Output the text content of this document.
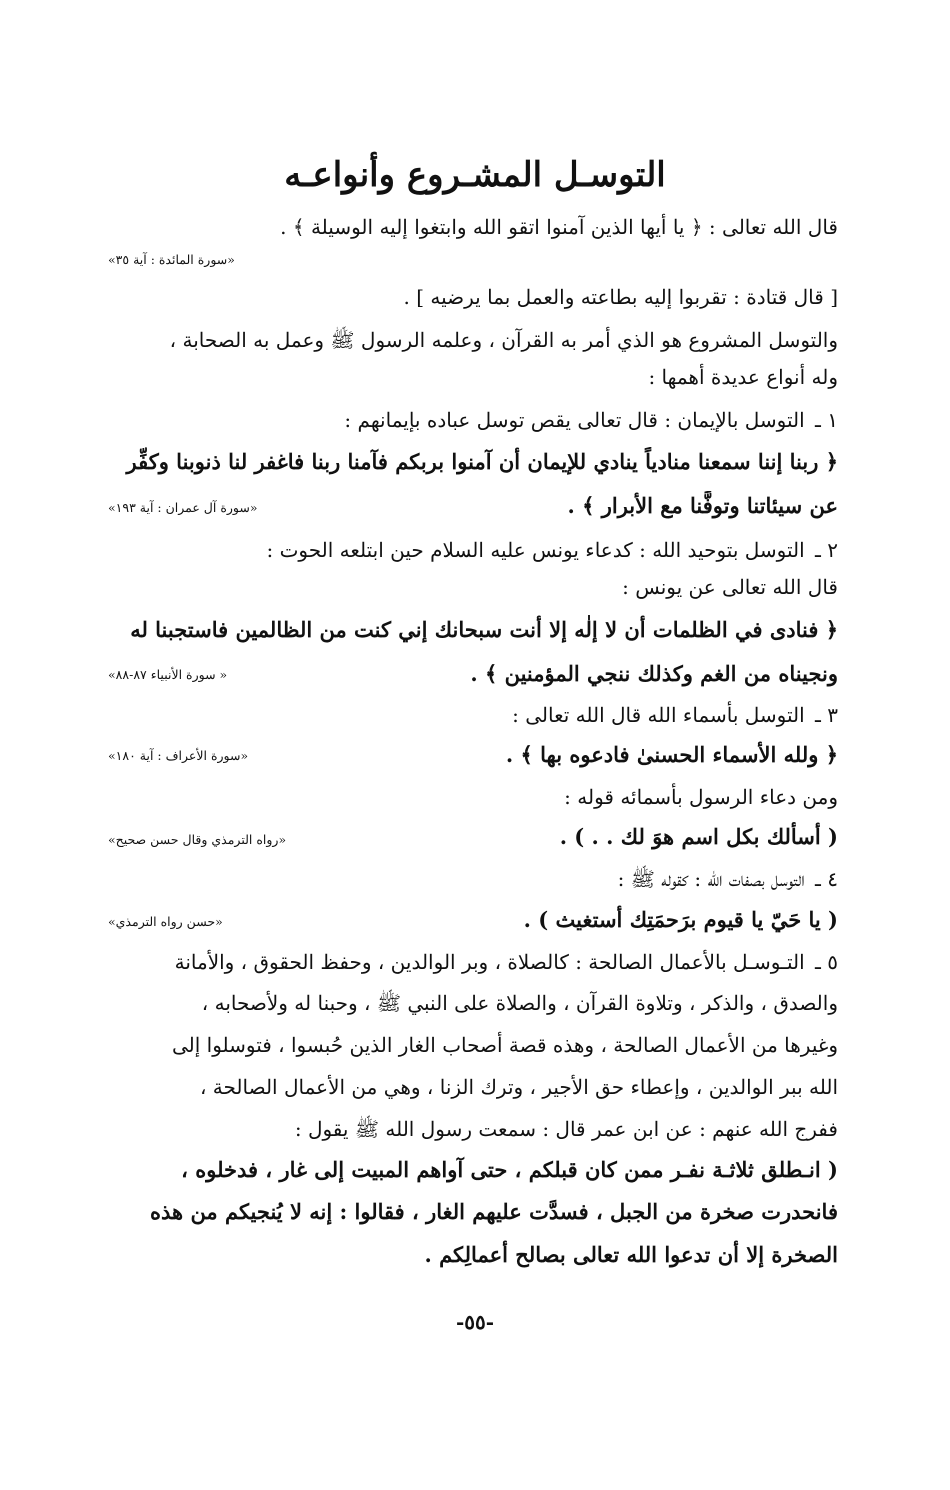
التوسـل المشـروع وأنواعـه
قال الله تعالى : ﴿ يا أيها الذين آمنوا اتقو الله وابتغوا إليه الوسيلة ﴾ .
«سورة المائدة : آية ٣٥»
[ قال قتادة : تقربوا إليه بطاعته والعمل بما يرضيه ] .
والتوسل المشروع هو الذي أمر به القرآن ، وعلمه الرسول ﷺ وعمل به الصحابة ،
وله أنواع عديدة أهمها :
١ ـ التوسل بالإيمان : قال تعالى يقص توسل عباده بإيمانهم :
﴿ ربنا إننا سمعنا منادياً ينادي للإيمان أن آمنوا بربكم فآمنا ربنا فاغفر لنا ذنوبنا وكفِّر
عن سيئاتنا وتوفَّنا مع الأبرار ﴾ .
«سورة آل عمران : آية ١٩٣»
٢ ـ التوسل بتوحيد الله : كدعاء يونس عليه السلام حين ابتلعه الحوت :
قال الله تعالى عن يونس :
﴿ فنادى في الظلمات أن لا إلٰه إلا أنت سبحانك إني كنت من الظالمين فاستجبنا له
ونجيناه من الغم وكذلك ننجي المؤمنين ﴾ .
« سورة الأنبياء ٨٧-٨٨»
٣ ـ التوسل بأسماء الله قال الله تعالى :
﴿ ولله الأسماء الحسنىٰ فادعوه بها ﴾ .
«سورة الأعراف : آية ١٨٠»
ومن دعاء الرسول بأسمائه قوله :
( أسألك بكل اسم هوَ لك . . ) .
«رواه الترمذي وقال حسن صحيح»
٤ ـ التوسل بصفات الله : كقوله ﷺ :
( يا حَيّ يا قيوم برَحمَتِك أستغيث ) .
«حسن رواه الترمذي»
٥ ـ التـوسـل بالأعمال الصالحة : كالصلاة ، وبر الوالدين ، وحفظ الحقوق ، والأمانة
والصدق ، والذكر ، وتلاوة القرآن ، والصلاة على النبي ﷺ ، وحبنا له ولأصحابه ،
وغيرها من الأعمال الصالحة ، وهذه قصة أصحاب الغار الذين حُبسوا ، فتوسلوا إلى
الله ببر الوالدين ، وإعطاء حق الأجير ، وترك الزنا ، وهي من الأعمال الصالحة ،
ففرج الله عنهم : عن ابن عمر قال : سمعت رسول الله ﷺ يقول :
( انـطلق ثلاثـة نفـر ممن كان قبلكم ، حتى آواهم المبيت إلى غار ، فدخلوه ،
فانحدرت صخرة من الجبل ، فسدَّت عليهم الغار ، فقالوا : إنه لا يُنجيكم من هذه
الصخرة إلا أن تدعوا الله تعالى بصالح أعمالِكم .
-٥٥-
